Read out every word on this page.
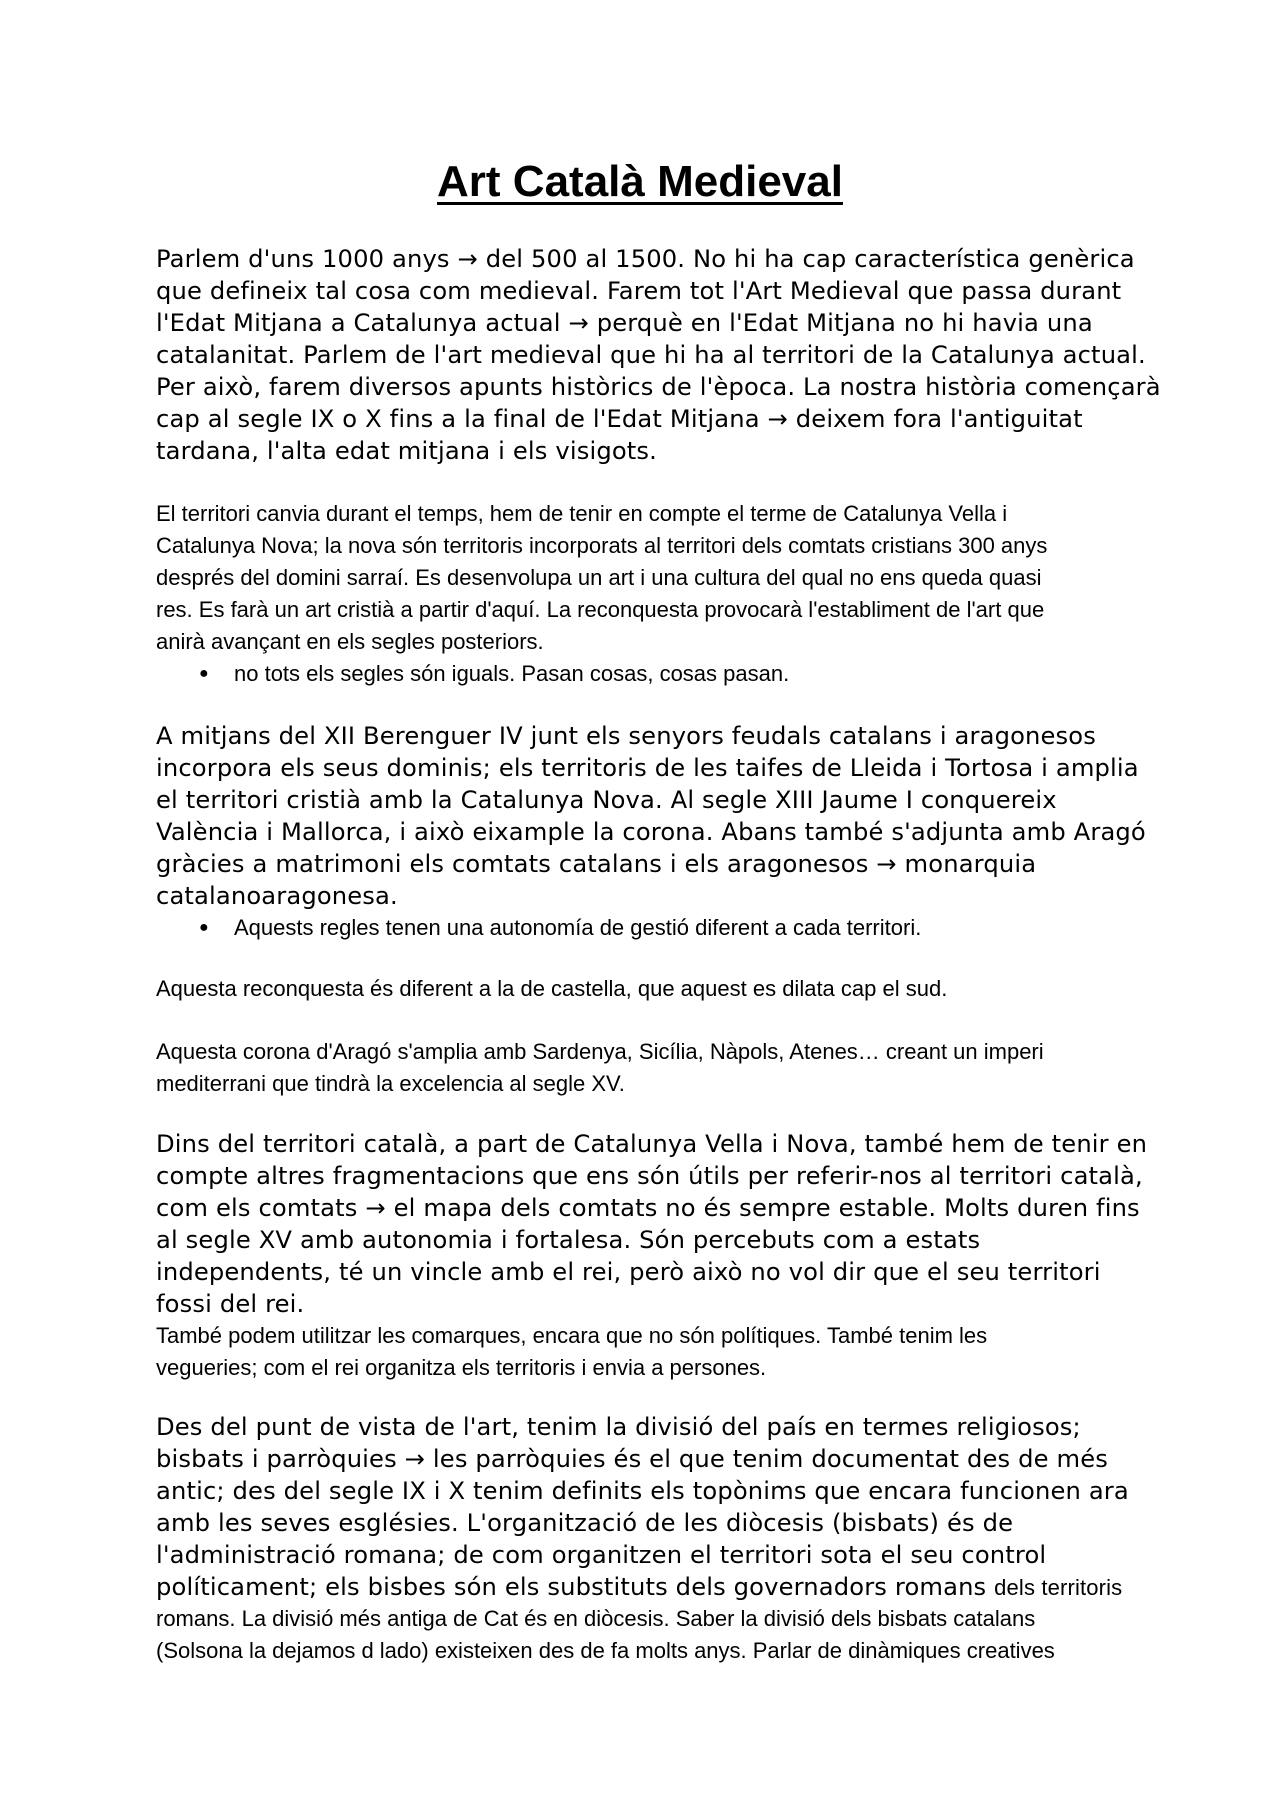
Art Català Medieval

Parlem d'uns 1000 anys → del 500 al 1500. No hi ha cap característica genèrica
que defineix tal cosa com medieval. Farem tot l'Art Medieval que passa durant
l'Edat Mitjana a Catalunya actual → perquè en l'Edat Mitjana no hi havia una
catalanitat. Parlem de l'art medieval que hi ha al territori de la Catalunya actual.
Per això, farem diversos apunts històrics de l'època. La nostra història començarà
cap al segle IX o X fins a la final de l'Edat Mitjana → deixem fora l'antiguitat
tardana, l'alta edat mitjana i els visigots.

El territori canvia durant el temps, hem de tenir en compte el terme de Catalunya Vella i
Catalunya Nova; la nova són territoris incorporats al territori dels comtats cristians 300 anys
després del domini sarraí. Es desenvolupa un art i una cultura del qual no ens queda quasi
res. Es farà un art cristià a partir d'aquí. La reconquesta provocarà l'establiment de l'art que
anirà avançant en els segles posteriors.

● no tots els segles són iguals. Pasan cosas, cosas pasan.

A mitjans del XII Berenguer IV junt els senyors feudals catalans i aragonesos
incorpora els seus dominis; els territoris de les taifes de Lleida i Tortosa i amplia
el territori cristià amb la Catalunya Nova. Al segle XIII Jaume I conquereix
València i Mallorca, i això eixample la corona. Abans també s'adjunta amb Aragó
gràcies a matrimoni els comtats catalans i els aragonesos → monarquia
catalanoaragonesa.

● Aquests regles tenen una autonomía de gestió diferent a cada territori.

Aquesta reconquesta és diferent a la de castella, que aquest es dilata cap el sud.

Aquesta corona d'Aragó s'amplia amb Sardenya, Sicília, Nàpols, Atenes… creant un imperi
mediterrani que tindrà la excelencia al segle XV.

Dins del territori català, a part de Catalunya Vella i Nova, també hem de tenir en
compte altres fragmentacions que ens són útils per referir-nos al territori català,
com els comtats → el mapa dels comtats no és sempre estable. Molts duren fins
al segle XV amb autonomia i fortalesa. Són percebuts com a estats
independents, té un vincle amb el rei, però això no vol dir que el seu territori
fossi del rei.

També podem utilitzar les comarques, encara que no són polítiques. També tenim les
vegueries; com el rei organitza els territoris i envia a persones.

Des del punt de vista de l'art, tenim la divisió del país en termes religiosos;
bisbats i parròquies → les parròquies és el que tenim documentat des de més
antic; des del segle IX i X tenim definits els topònims que encara funcionen ara
amb les seves esglésies. L'organització de les diòcesis (bisbats) és de
l'administració romana; de com organitzen el territori sota el seu control
políticament; els bisbes són els substituts dels governadors romans dels territoris

romans. La divisió més antiga de Cat és en diòcesis. Saber la divisió dels bisbats catalans
(Solsona la dejamos d lado) existeixen des de fa molts anys. Parlar de dinàmiques creatives
